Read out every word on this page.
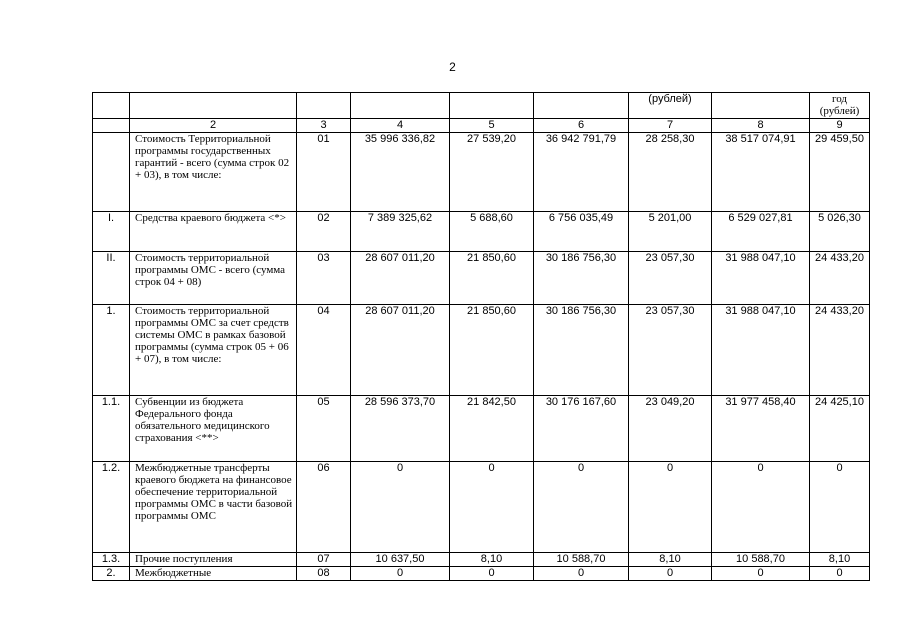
2
						(рублей)		год (рублей)
	2	3	4	5	6	7	8	9
	Стоимость Территориальной программы государственных гарантий - всего (сумма строк 02 + 03), в том числе:	01	35 996 336,82	27 539,20	36 942 791,79	28 258,30	38 517 074,91	29 459,50
I.	Средства краевого бюджета <*>	02	7 389 325,62	5 688,60	6 756 035,49	5 201,00	6 529 027,81	5 026,30
II.	Стоимость территориальной программы ОМС - всего (сумма строк 04 + 08)	03	28 607 011,20	21 850,60	30 186 756,30	23 057,30	31 988 047,10	24 433,20
1.	Стоимость территориальной программы ОМС за счет средств системы ОМС в рамках базовой программы (сумма строк 05 + 06 + 07), в том числе:	04	28 607 011,20	21 850,60	30 186 756,30	23 057,30	31 988 047,10	24 433,20
1.1.	Субвенции из бюджета Федерального фонда обязательного медицинского страхования <**>	05	28 596 373,70	21 842,50	30 176 167,60	23 049,20	31 977 458,40	24 425,10
1.2.	Межбюджетные трансферты краевого бюджета на финансовое обеспечение территориальной программы ОМС в части базовой программы ОМС	06	0	0	0	0	0	0
1.3.	Прочие поступления	07	10 637,50	8,10	10 588,70	8,10	10 588,70	8,10
2.	Межбюджетные	08	0	0	0	0	0	0
